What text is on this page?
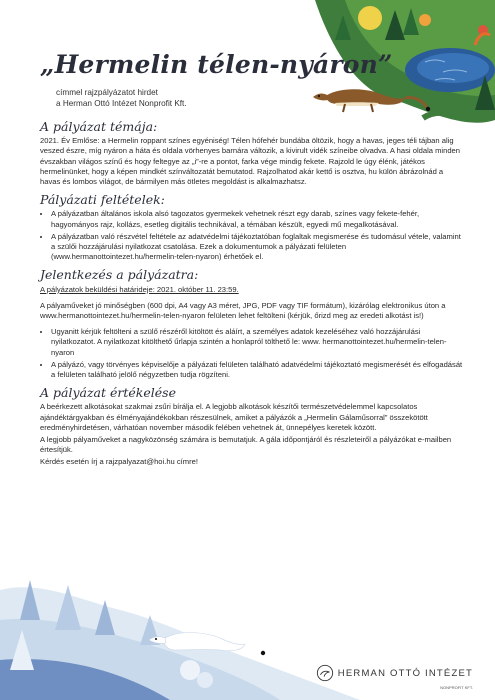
„Hermelin télen-nyáron”
címmel rajzpályázatot hirdet
a Herman Ottó Intézet Nonprofit Kft.
A pályázat témája:

2021. Év Emlőse: a Hermelin roppant színes egyéniség! Télen hófehér bundába öltözik, hogy a havas, jeges téli tájban alig veszed észre, míg nyáron a háta és oldala vörhenyes barnára változik, a kivirult vidék színeibe olvadva. A hasi oldala minden évszakban világos színű és hogy feltegye az „i”-re a pontot, farka vége mindig fekete. Rajzold le úgy élénk, játékos hermelinünket, hogy a képen mindkét színváltozatát bemutatod. Rajzolhatod akár kettő is osztva, hu külön ábrázolnád a havas és lombos világot, de bármilyen más ötletes megoldást is alkalmazhatsz.

Pályázati feltételek:
• A pályázatban általános iskola alsó tagozatos gyermekek vehetnek részt egy darab, színes vagy fekete-fehér, hagyományos rajz, kollázs, esetleg digitális technikával, a témában készült, egyedi mű megalkotásával.
• A pályázatban való részvétel feltétele az adatvédelmi tájékoztatóban foglaltak megismerése és tudomásul vétele, valamint a szülői hozzájárulási nyilatkozat csatolása. Ezek a dokumentumok a pályázati felületen (www.hermanottointezet.hu/hermelin-telen-nyaron) érhetőek el.
Jelentkezés a pályázatra:

A pályázatok beküldési határideje: 2021. október 11. 23:59.

A pályaműveket jó minőségben (600 dpi, A4 vagy A3 méret, JPG, PDF vagy TIF formátum), kizárólag elektronikus úton a www.hermanottointezet.hu/hermelin-telen-nyaron felületen lehet feltölteni (kérjük, őrizd meg az eredeti alkotást is!)

• Ugyanitt kérjük feltölteni a szülő részéről kitöltött és aláírt, a személyes adatok kezeléséhez való hozzájárulási nyilatkozatot. A nyilatkozat kitölthető űrlapja szintén a honlapról tölthető le: www. hermanottointezet.hu/hermelin-telen-nyaron
• A pályázó, vagy törvényes képviselője a pályázati felületen található adatvédelmi tájékoztató megismerését és elfogadását a felületen található jelölő négyzetben tudja rögzíteni.
A pályázat értékelése

A beérkezett alkotásokat szakmai zsűri bírálja el. A legjobb alkotások készítői természetvédelemmel kapcsolatos ajándéktárgyakban és élményajándékokban részesülnek, amiket a pályázók a „Hermelin Gálaműsorral” összekötött eredményhirdetésen, várhatóan november második felében vehetnek át, ünnepélyes keretek között.

A legjobb pályaműveket a nagyközönség számára is bemutatjuk. A gála időpontjáról és részleteiről a pályázókat e-mailben értesítjük.

Kérdés esetén írj a rajzpalyazat@hoi.hu címre!

HERMAN OTTÓ INTÉZET
NONPROFIT KFT.
